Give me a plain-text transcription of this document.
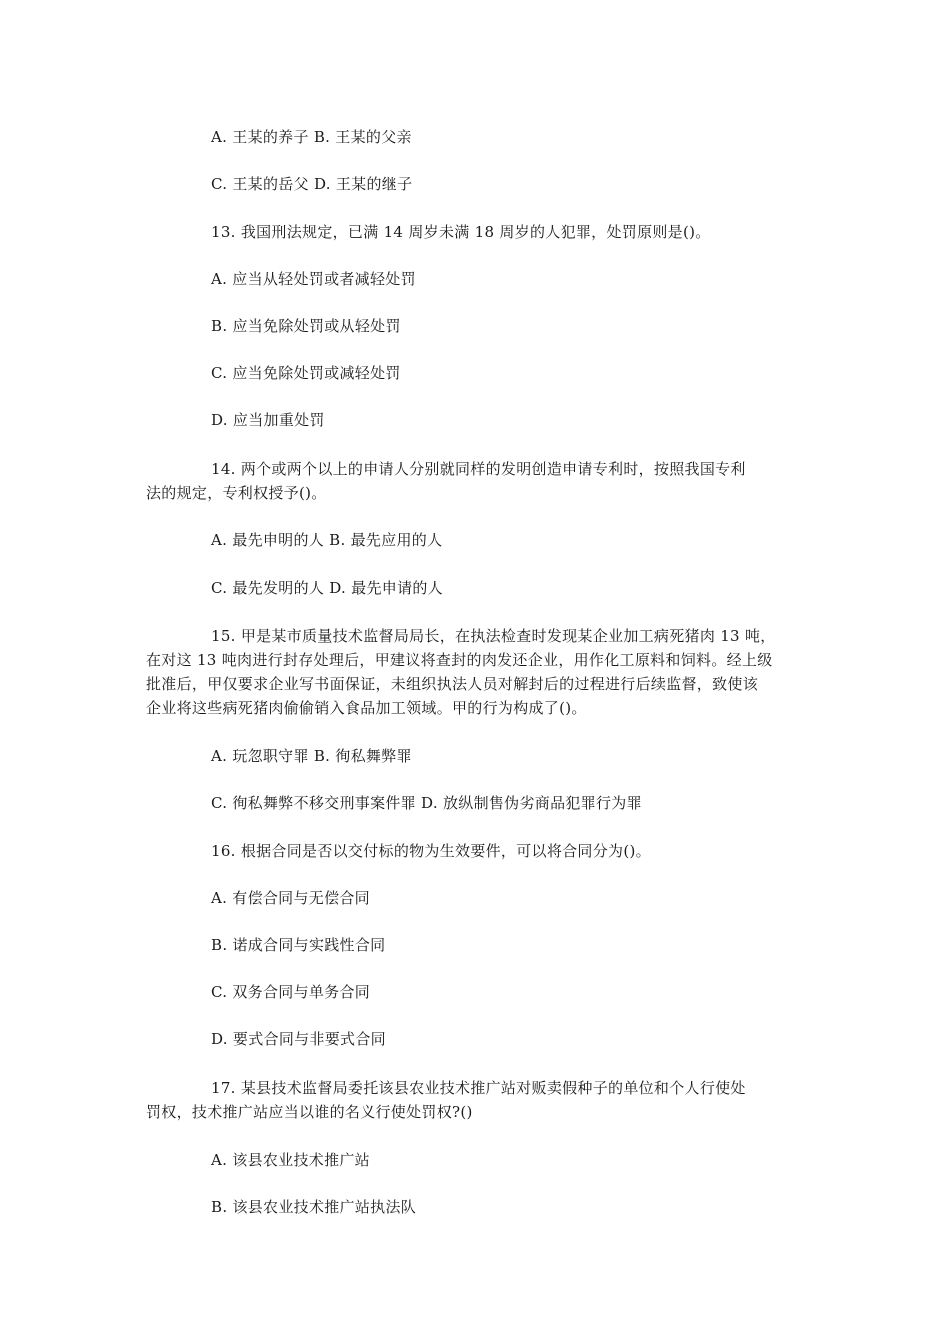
A. 王某的养子 B. 王某的父亲
C. 王某的岳父 D. 王某的继子
13. 我国刑法规定，已满 14 周岁未满 18 周岁的人犯罪，处罚原则是()。
A. 应当从轻处罚或者减轻处罚
B. 应当免除处罚或从轻处罚
C. 应当免除处罚或减轻处罚
D. 应当加重处罚
14. 两个或两个以上的申请人分别就同样的发明创造申请专利时，按照我国专利
法的规定，专利权授予()。
A. 最先申明的人 B. 最先应用的人
C. 最先发明的人 D. 最先申请的人
15. 甲是某市质量技术监督局局长，在执法检查时发现某企业加工病死猪肉 13 吨，
在对这 13 吨肉进行封存处理后，甲建议将查封的肉发还企业，用作化工原料和饲料。经上级
批准后，甲仅要求企业写书面保证，未组织执法人员对解封后的过程进行后续监督，致使该
企业将这些病死猪肉偷偷销入食品加工领域。甲的行为构成了()。
A. 玩忽职守罪 B. 徇私舞弊罪
C. 徇私舞弊不移交刑事案件罪 D. 放纵制售伪劣商品犯罪行为罪
16. 根据合同是否以交付标的物为生效要件，可以将合同分为()。
A. 有偿合同与无偿合同
B. 诺成合同与实践性合同
C. 双务合同与单务合同
D. 要式合同与非要式合同
17. 某县技术监督局委托该县农业技术推广站对贩卖假种子的单位和个人行使处
罚权，技术推广站应当以谁的名义行使处罚权?()
A. 该县农业技术推广站
B. 该县农业技术推广站执法队
